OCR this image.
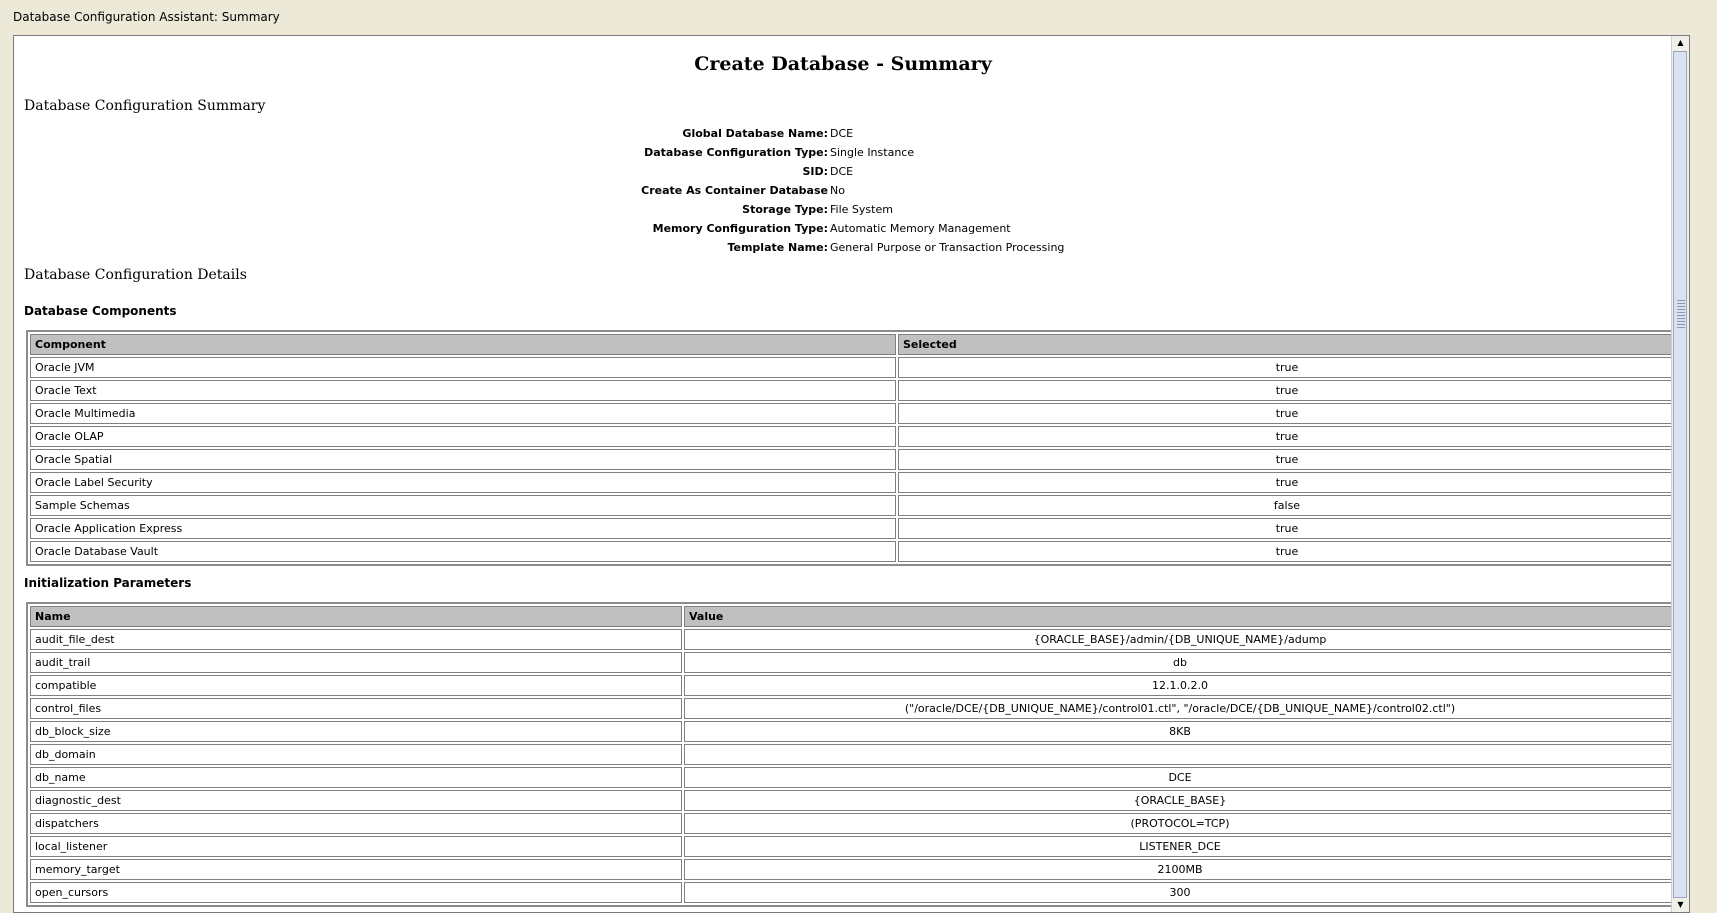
Database Configuration Assistant: Summary
Create Database - Summary
Database Configuration Summary
Global Database Name: DCE
Database Configuration Type: Single Instance
SID: DCE
Create As Container Database No
Storage Type: File System
Memory Configuration Type: Automatic Memory Management
Template Name: General Purpose or Transaction Processing
Database Configuration Details
Database Components
Component	Selected
Oracle JVM	true
Oracle Text	true
Oracle Multimedia	true
Oracle OLAP	true
Oracle Spatial	true
Oracle Label Security	true
Sample Schemas	false
Oracle Application Express	true
Oracle Database Vault	true
Initialization Parameters
Name	Value
audit_file_dest	{ORACLE_BASE}/admin/{DB_UNIQUE_NAME}/adump
audit_trail	db
compatible	12.1.0.2.0
control_files	("/oracle/DCE/{DB_UNIQUE_NAME}/control01.ctl", "/oracle/DCE/{DB_UNIQUE_NAME}/control02.ctl")
db_block_size	8KB
db_domain	
db_name	DCE
diagnostic_dest	{ORACLE_BASE}
dispatchers	(PROTOCOL=TCP)
local_listener	LISTENER_DCE
memory_target	2100MB
open_cursors	300
▲
▼
